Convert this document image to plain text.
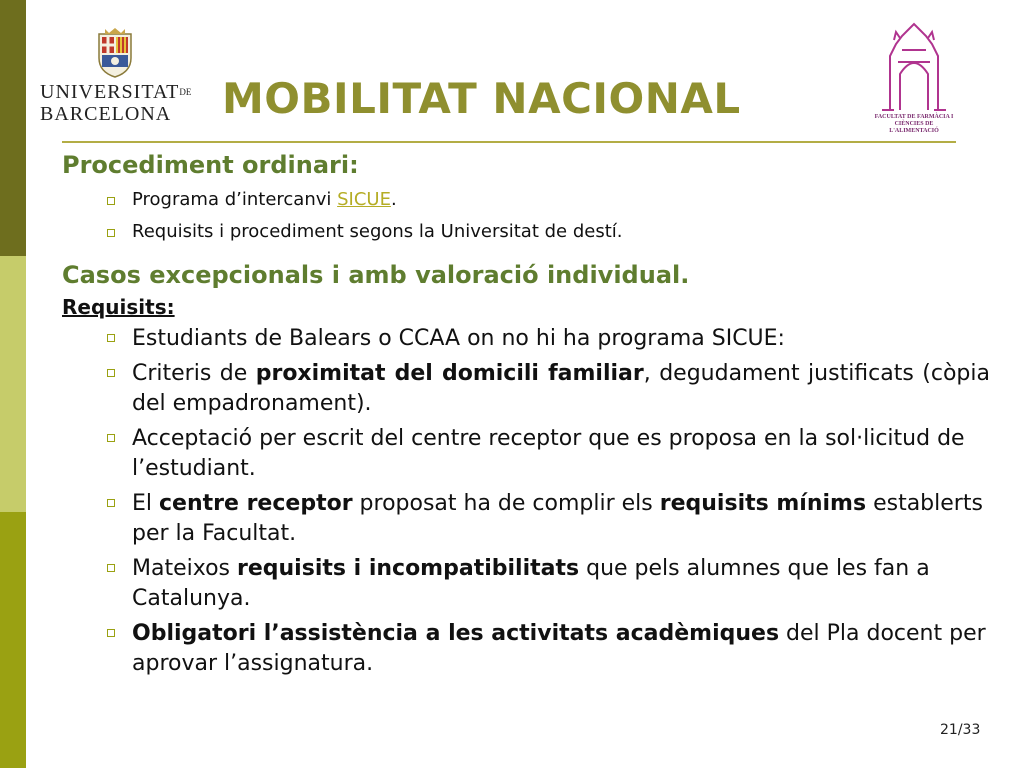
$UNIVERSITAT^{DE}$
BARCELONA	FACULTAT DE FARMÀCIA I CIÈNCIES DE L'ALIMENTACIÓ
MOBILITAT NACIONAL
Procediment ordinari:
Programa d’intercanvi SICUE.
Requisits i procediment segons la Universitat de destí.
Casos excepcionals i amb valoració individual.
Requisits:
Estudiants de Balears o CCAA on no hi ha programa SICUE:
Criteris de proximitat del domicili familiar, degudament justificats (còpia del empadronament).
Acceptació per escrit del centre receptor que es proposa en la sol·licitud de l’estudiant.
El centre receptor proposat ha de complir els requisits mínims establerts per la Facultat.
Mateixos requisits i incompatibilitats que pels alumnes que les fan a Catalunya.
Obligatori l’assistència a les activitats acadèmiques del Pla docent per aprovar l’assignatura.
21/33
